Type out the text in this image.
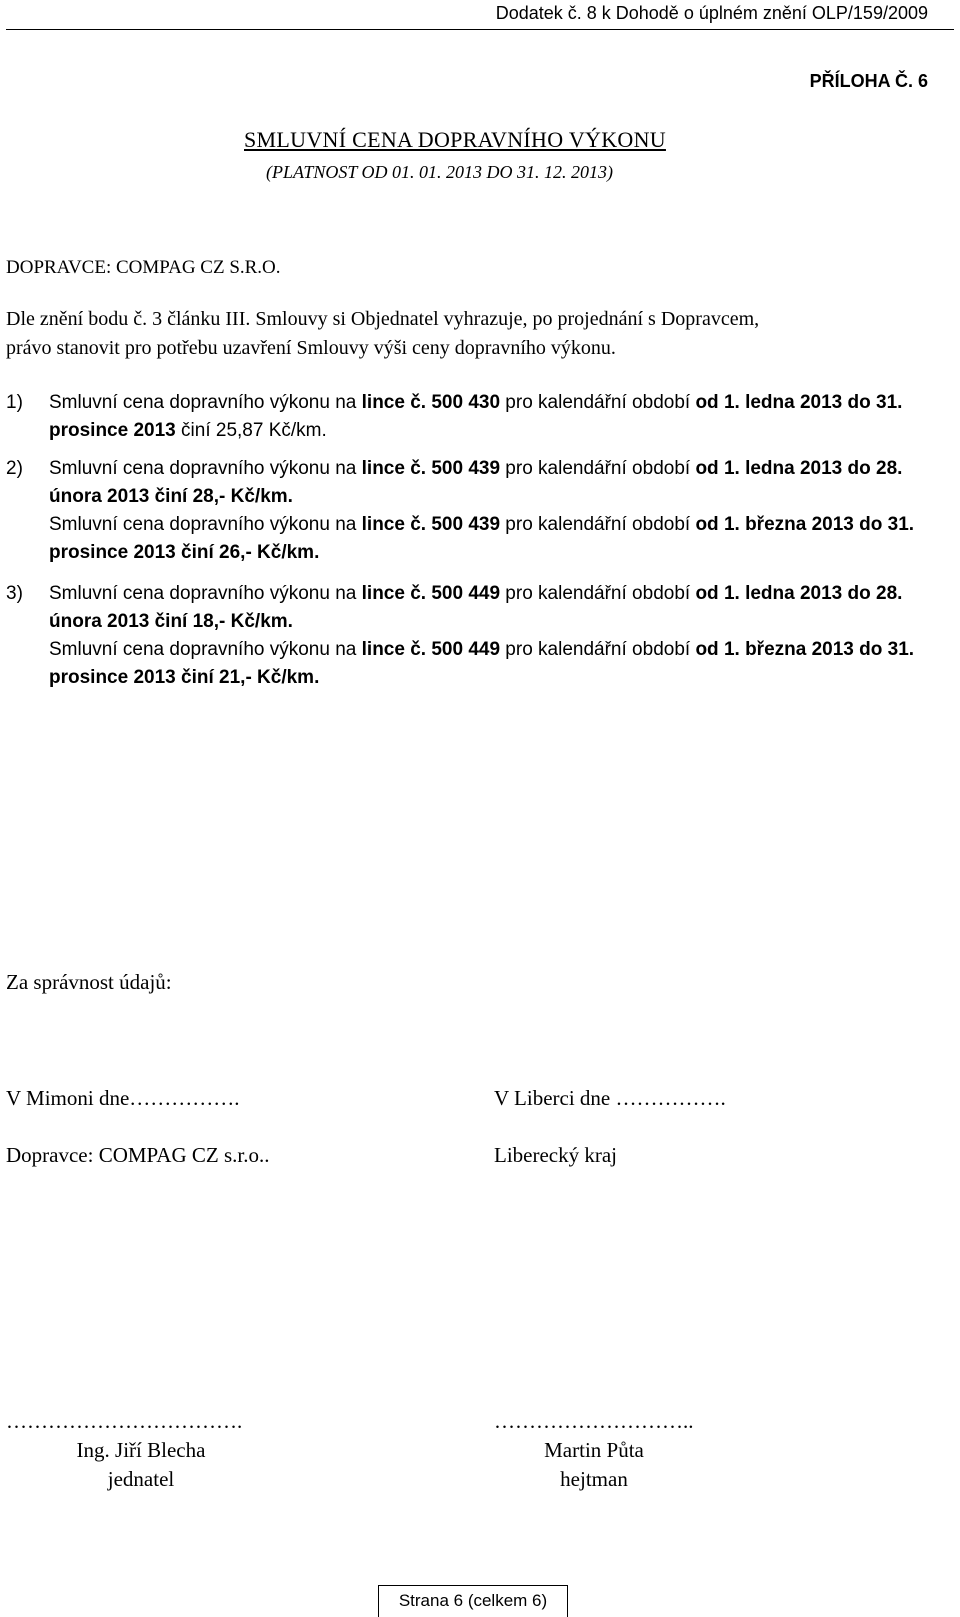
Dodatek č. 8 k Dohodě o úplném znění OLP/159/2009
PŘÍLOHA Č. 6
SMLUVNÍ CENA DOPRAVNÍHO VÝKONU
(PLATNOST OD 01. 01. 2013 DO 31. 12. 2013)
DOPRAVCE: COMPAG CZ S.R.O.
Dle znění bodu č. 3 článku III. Smlouvy si Objednatel vyhrazuje, po projednání s Dopravcem,
právo stanovit pro potřebu uzavření Smlouvy výši ceny dopravního výkonu.
1) Smluvní cena dopravního výkonu na lince č. 500 430 pro kalendářní období od 1. ledna 2013 do 31. prosince 2013 činí 25,87 Kč/km.
2) Smluvní cena dopravního výkonu na lince č. 500 439 pro kalendářní období od 1. ledna 2013 do 28. února 2013 činí 28,- Kč/km.
Smluvní cena dopravního výkonu na lince č. 500 439 pro kalendářní období od 1. března 2013 do 31. prosince 2013 činí 26,- Kč/km.
3) Smluvní cena dopravního výkonu na lince č. 500 449 pro kalendářní období od 1. ledna 2013 do 28. února 2013 činí 18,- Kč/km.
Smluvní cena dopravního výkonu na lince č. 500 449 pro kalendářní období od 1. března 2013 do 31. prosince 2013 činí 21,- Kč/km.
Za správnost údajů:
V Mimoni dne…………….	V Liberci dne …………….
Dopravce: COMPAG CZ s.r.o..	Liberecký kraj
…………………………….
Ing. Jiří Blecha
jednatel
………………………..
Martin Půta
hejtman
Strana 6 (celkem 6)
